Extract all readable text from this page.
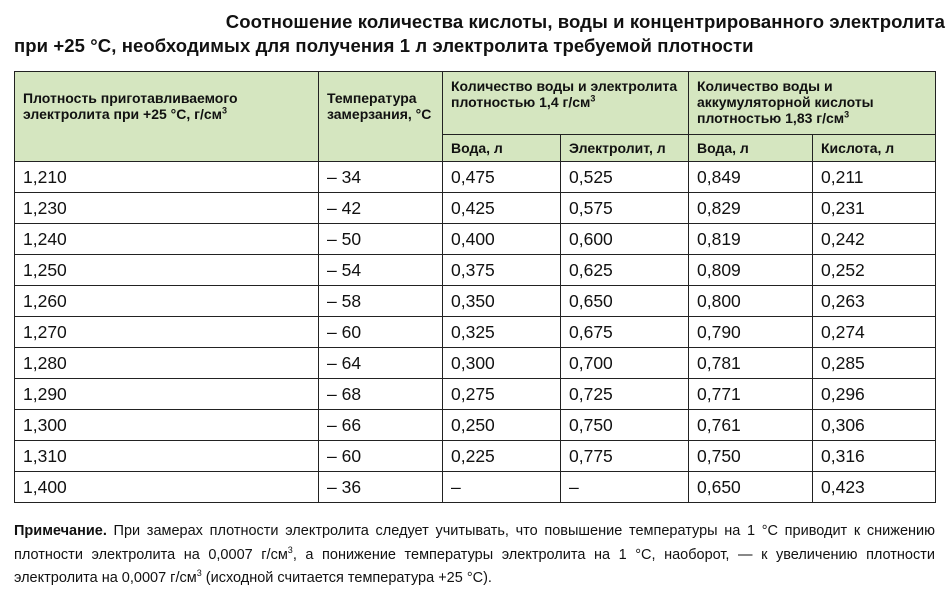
Соотношение количества кислоты, воды и концентрированного электролита
при +25 °С, необходимых для получения 1 л электролита требуемой плотности
Плотность приготавливаемого электролита при +25 °С, $г/см^3$	Температура замерзания, °С	Количество воды и электролита плотностью 1,4 $г/см^3$		Количество воды и аккумуляторной кислоты плотностью 1,83 $г/см^3$
		Вода, л	Электролит, л	Вода, л	Кислота, л
1,210	– 34	0,475	0,525	0,849	0,211
1,230	– 42	0,425	0,575	0,829	0,231
1,240	– 50	0,400	0,600	0,819	0,242
1,250	– 54	0,375	0,625	0,809	0,252
1,260	– 58	0,350	0,650	0,800	0,263
1,270	– 60	0,325	0,675	0,790	0,274
1,280	– 64	0,300	0,700	0,781	0,285
1,290	– 68	0,275	0,725	0,771	0,296
1,300	– 66	0,250	0,750	0,761	0,306
1,310	– 60	0,225	0,775	0,750	0,316
1,400	– 36	–	–	0,650	0,423
Примечание. При замерах плотности электролита следует учитывать, что повышение температуры на 1 °С приводит к снижению плотности электролита на 0,0007 $г/см^3$, а понижение температуры электролита на 1 °С, наоборот, — к увеличению плотности электролита на 0,0007 $г/см^3$ (исходной считается температура +25 °С).
